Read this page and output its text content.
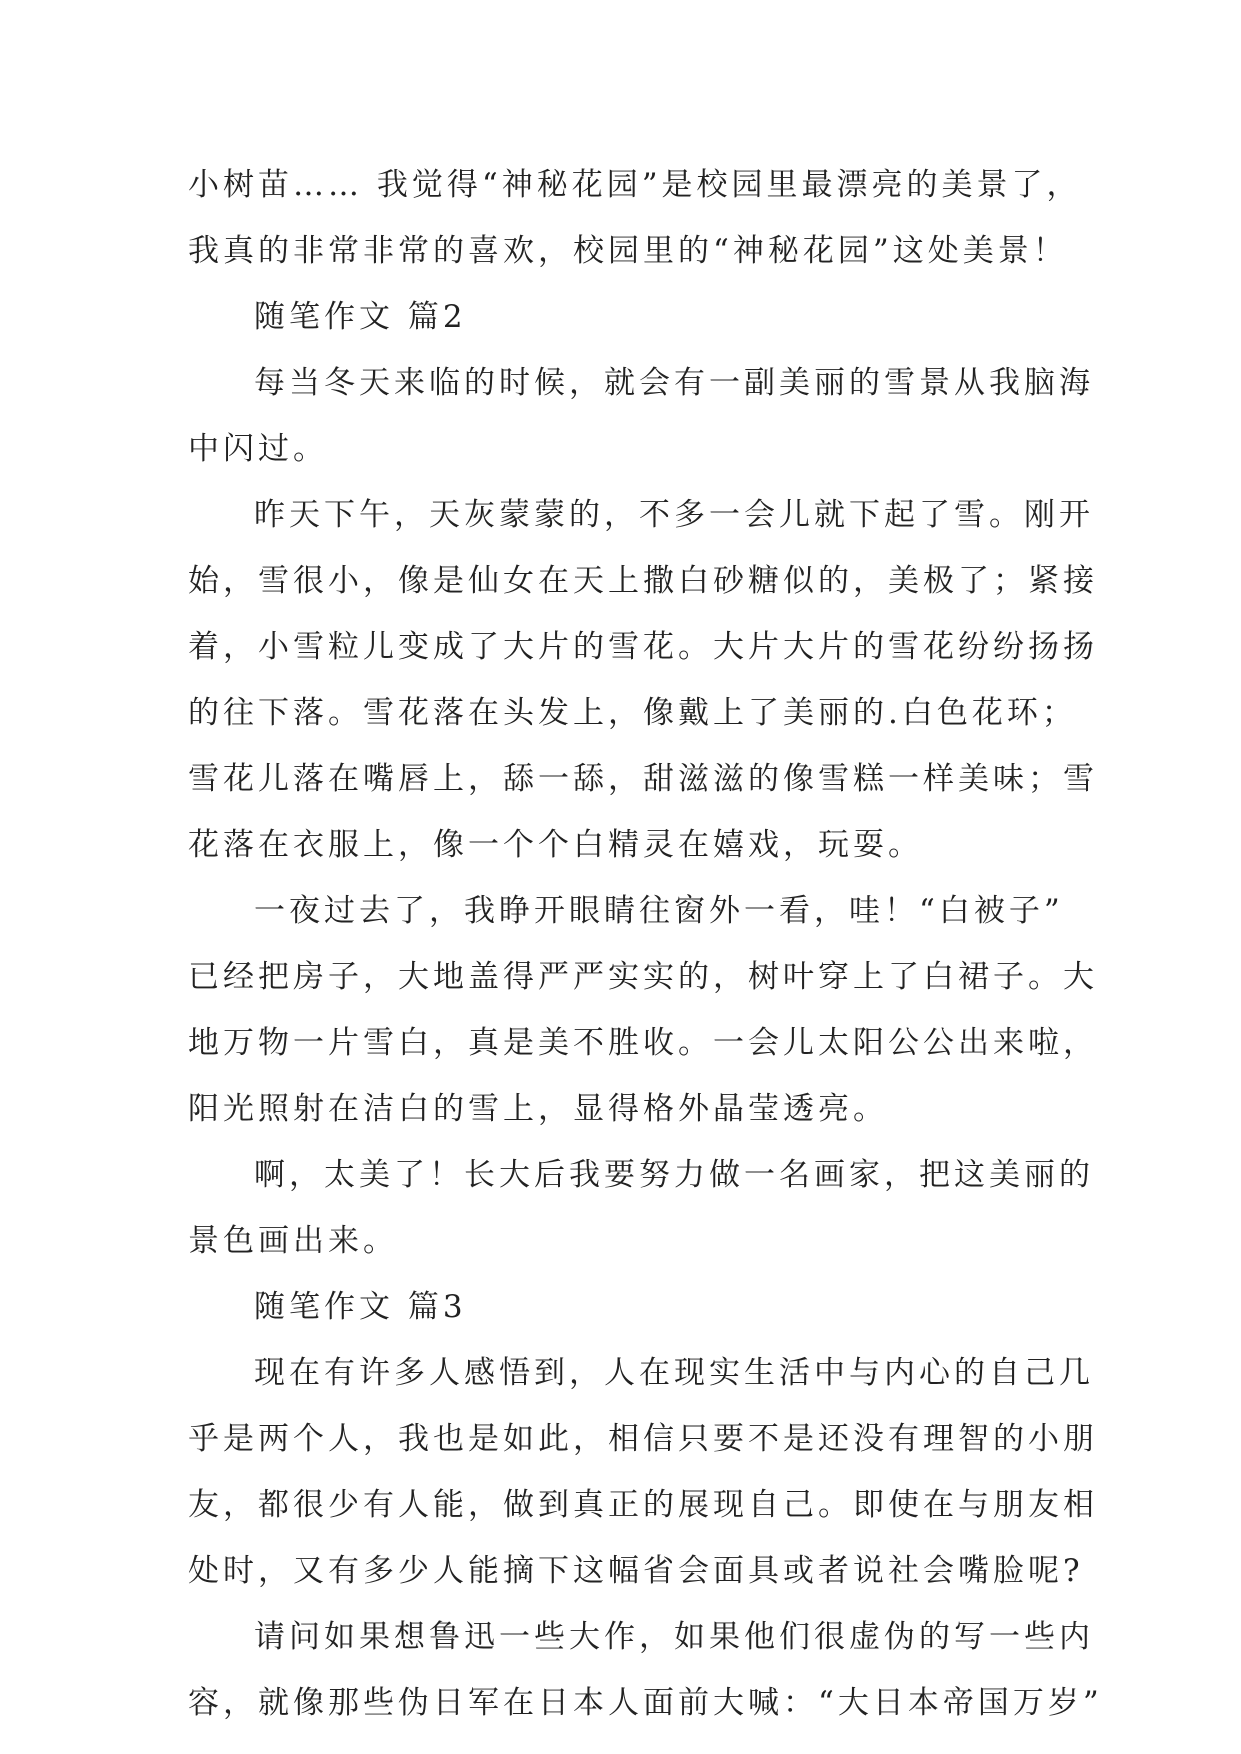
小树苗…… 我觉得“神秘花园”是校园里最漂亮的美景了，
我真的非常非常的喜欢，校园里的“神秘花园”这处美景！
随笔作文 篇2
每当冬天来临的时候，就会有一副美丽的雪景从我脑海
中闪过。
昨天下午，天灰蒙蒙的，不多一会儿就下起了雪。刚开
始，雪很小，像是仙女在天上撒白砂糖似的，美极了；紧接
着，小雪粒儿变成了大片的雪花。大片大片的雪花纷纷扬扬
的往下落。雪花落在头发上，像戴上了美丽的.白色花环；
雪花儿落在嘴唇上，舔一舔，甜滋滋的像雪糕一样美味；雪
花落在衣服上，像一个个白精灵在嬉戏，玩耍。
一夜过去了，我睁开眼睛往窗外一看，哇！“白被子”
已经把房子，大地盖得严严实实的，树叶穿上了白裙子。大
地万物一片雪白，真是美不胜收。一会儿太阳公公出来啦，
阳光照射在洁白的雪上，显得格外晶莹透亮。
啊，太美了！长大后我要努力做一名画家，把这美丽的
景色画出来。
随笔作文 篇3
现在有许多人感悟到，人在现实生活中与内心的自己几
乎是两个人，我也是如此，相信只要不是还没有理智的小朋
友，都很少有人能，做到真正的展现自己。即使在与朋友相
处时，又有多少人能摘下这幅省会面具或者说社会嘴脸呢?
请问如果想鲁迅一些大作，如果他们很虚伪的写一些内
容，就像那些伪日军在日本人面前大喊：“大日本帝国万岁”
